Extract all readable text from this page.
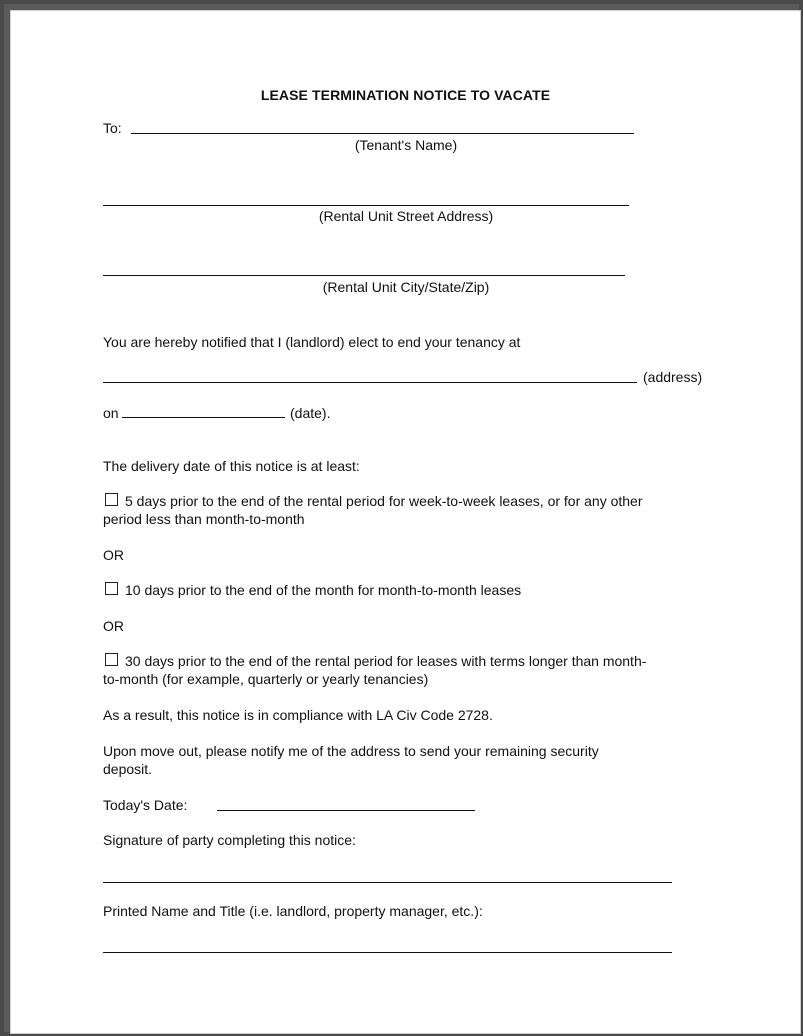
LEASE TERMINATION NOTICE TO VACATE
To:
(Tenant's Name)
(Rental Unit Street Address)
(Rental Unit City/State/Zip)
You are hereby notified that I (landlord) elect to end your tenancy at
(address)
on	(date).
The delivery date of this notice is at least:
5 days prior to the end of the rental period for week-to-week leases, or for any other
period less than month-to-month
OR
10 days prior to the end of the month for month-to-month leases
OR
30 days prior to the end of the rental period for leases with terms longer than month-
to-month (for example, quarterly or yearly tenancies)
As a result, this notice is in compliance with LA Civ Code 2728.
Upon move out, please notify me of the address to send your remaining security
deposit.
Today's Date:
Signature of party completing this notice:
Printed Name and Title (i.e. landlord, property manager, etc.):
